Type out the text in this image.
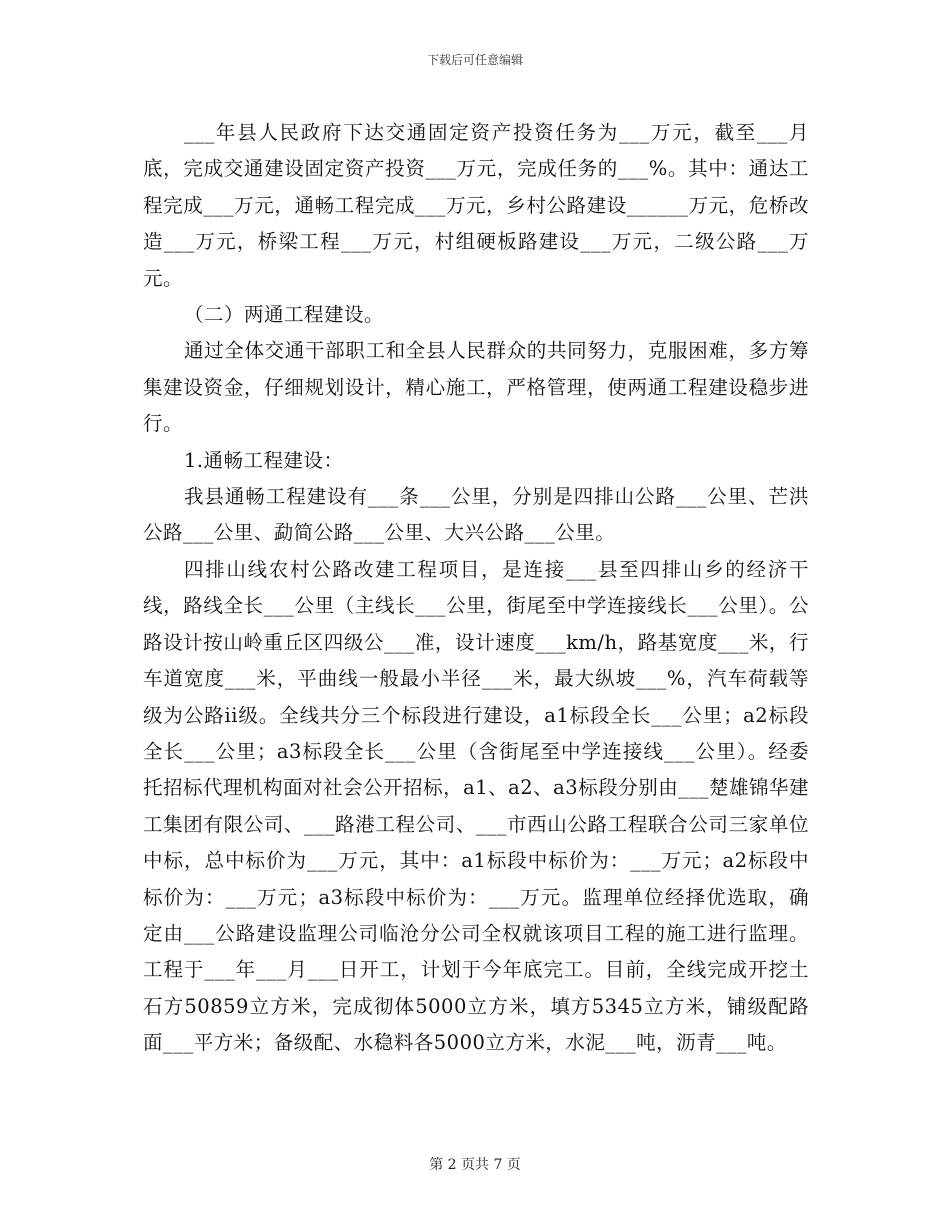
下载后可任意编辑

___年县人民政府下达交通固定资产投资任务为___万元，截至___月底，完成交通建设固定资产投资___万元，完成任务的___%。其中：通达工程完成___万元，通畅工程完成___万元，乡村公路建设______万元，危桥改造___万元，桥梁工程___万元，村组硬板路建设___万元，二级公路___万元。

（二）两通工程建设。

通过全体交通干部职工和全县人民群众的共同努力，克服困难，多方筹集建设资金，仔细规划设计，精心施工，严格管理，使两通工程建设稳步进行。

1.通畅工程建设：

我县通畅工程建设有___条___公里，分别是四排山公路___公里、芒洪公路___公里、勐简公路___公里、大兴公路___公里。

四排山线农村公路改建工程项目，是连接___县至四排山乡的经济干线，路线全长___公里（主线长___公里，街尾至中学连接线长___公里）。公路设计按山岭重丘区四级公___准，设计速度___km/h，路基宽度___米，行车道宽度___米，平曲线一般最小半径___米，最大纵坡___%，汽车荷载等级为公路ii级。全线共分三个标段进行建设，a1标段全长___公里；a2标段全长___公里；a3标段全长___公里（含街尾至中学连接线___公里）。经委托招标代理机构面对社会公开招标，a1、a2、a3标段分别由___楚雄锦华建工集团有限公司、___路港工程公司、___市西山公路工程联合公司三家单位中标，总中标价为___万元，其中：a1标段中标价为：___万元；a2标段中标价为：___万元；a3标段中标价为：___万元。监理单位经择优选取，确定由___公路建设监理公司临沧分公司全权就该项目工程的施工进行监理。工程于___年___月___日开工，计划于今年底完工。目前，全线完成开挖土石方50859立方米，完成彻体5000立方米，填方5345立方米，铺级配路面___平方米；备级配、水稳料各5000立方米，水泥___吨，沥青___吨。

第 2 页共 7 页
